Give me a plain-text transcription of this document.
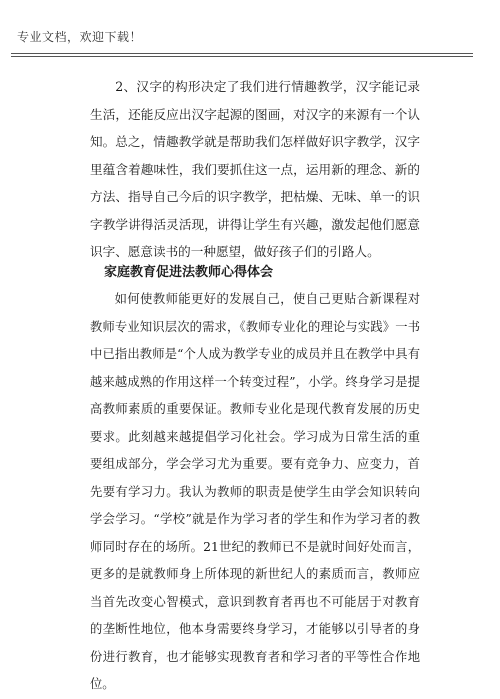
专业文档，欢迎下载！
2、汉字的构形决定了我们进行情趣教学，汉字能记录生活，还能反应出汉字起源的图画，对汉字的来源有一个认知。 总之，情趣教学就是帮助我们怎样做好识字教学，汉字里蕴含着趣味性，我们要抓住这一点，运用新的理念、新的方法、指导自己今后的识字教学，把枯燥、无味、单一的识字教学讲得活灵活现，讲得让学生有兴趣，激发起他们愿意识字、愿意读书的一种愿望，做好孩子们的引路人。
家庭教育促进法教师心得体会
如何使教师能更好的发展自己，使自己更贴合新课程对教师专业知识层次的需求，《教师专业化的理论与实践》一书中已指出教师是“个人成为教学专业的成员并且在教学中具有越来越成熟的作用这样一个转变过程”，小学。终身学习是提高教师素质的重要保证。教师专业化是现代教育发展的历史要求。此刻越来越提倡学习化社会。学习成为日常生活的重要组成部分，学会学习尤为重要。要有竞争力、应变力，首先要有学习力。我认为教师的职责是使学生由学会知识转向学会学习。“学校”就是作为学习者的学生和作为学习者的教师同时存在的场所。21世纪的教师已不是就时间好处而言，更多的是就教师身上所体现的新世纪人的素质而言，教师应当首先改变心智模式，意识到教育者再也不可能居于对教育的垄断性地位，他本身需要终身学习，才能够以引导者的身份进行教育，也才能够实现教育者和学习者的平等性合作地位。
